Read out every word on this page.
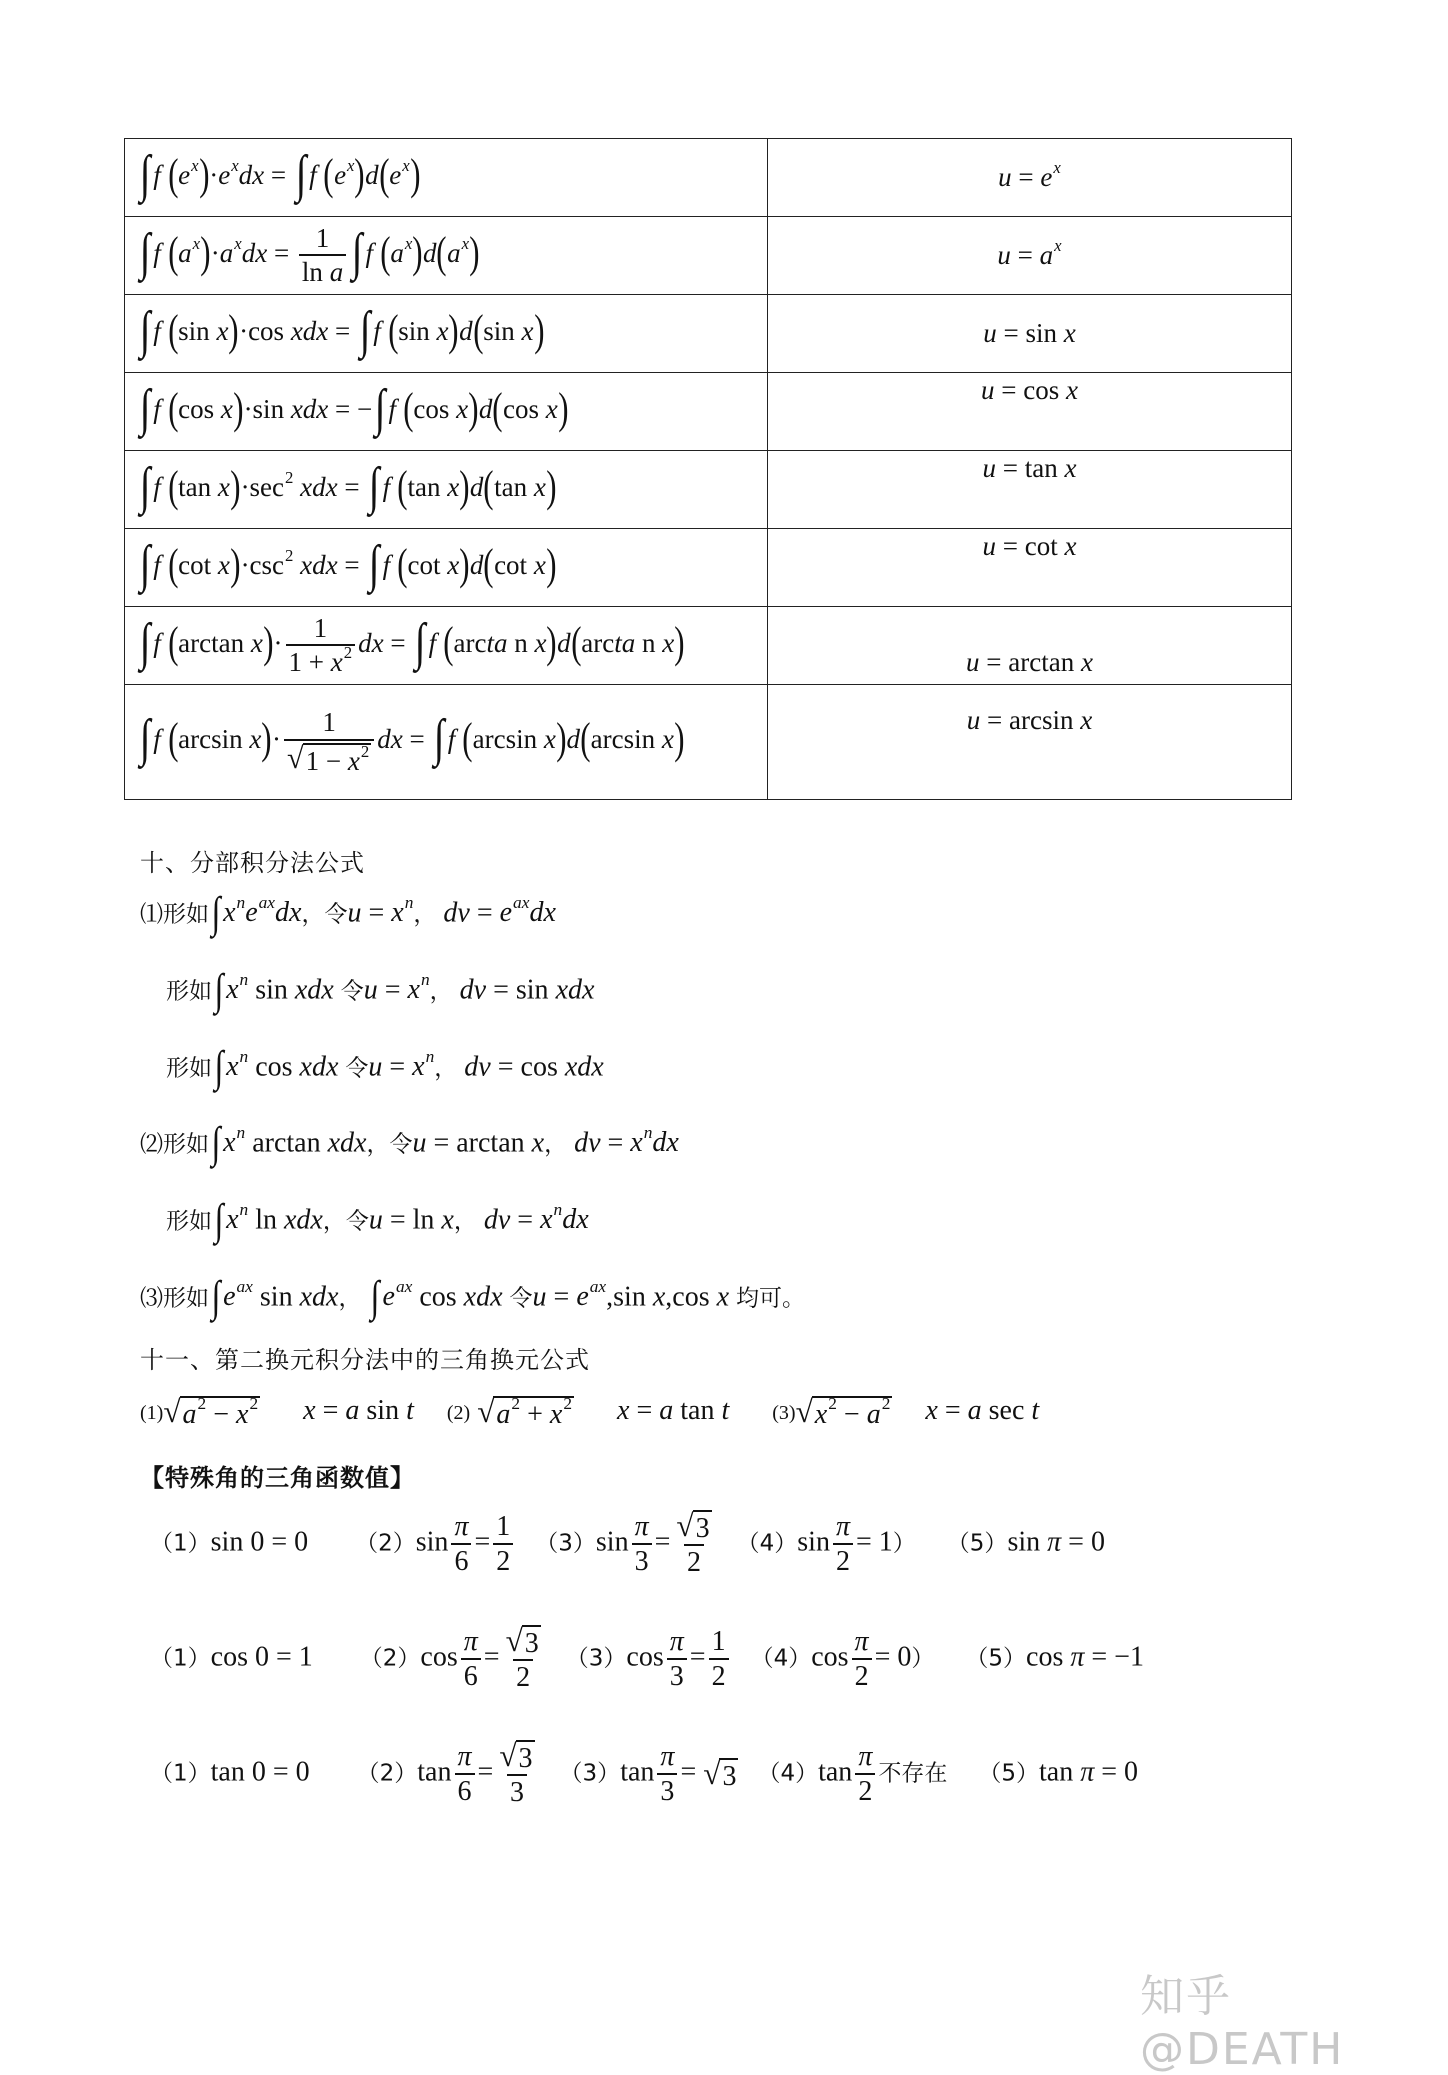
∫ f $(e^x)\cdot e^xdx$ = ∫ f $(e^x)d(e^x)$	$u = e^x$

∫ f $(a^x)\cdot a^xdx = \frac{1}{\text{ln a}}$ ∫ f $(a^x)d(a^x)$	$u = a^x$

∫ f (sin x)·cos xdx = ∫ f (sin x)d(sin x)	u = sin x

∫ f (cos x)·sin xdx = −∫ f (cos x)d(cos x)	u = cos x

∫ f (tan $x)\cdot\sec^2$ xdx = ∫ f (tan x)d(tan x)	u = tan x

∫ f (cot $x)\cdot\csc^2$ xdx = ∫ f (cot x)d(cot x)	u = cot x

∫ f (arctan $x)\cdot \frac{1}{1 + x^2}$ dx = ∫ f (arcta n x)d(arcta n x)	u = arctan x

∫ f (arcsin $x)\cdot \frac{1}{√ 1 - x^2}$ dx = ∫ f (arcsin x)d(arcsin x)	u = arcsin x
十、分部积分法公式
⑴形如$\int x^ne^{ax}dx$，令$u = x^n$， dv = $e^{ax}dx$
形如$\int x^n$ sin xdx 令$u = x^n$， dv = sin xdx
形如$\int x^n$ cos xdx 令$u = x^n$， dv = cos xdx
⑵形如$\int x^n$ arctan xdx，令u = arctan x， dv = $x^ndx$
形如$\int x^n$ ln xdx，令u = ln x， dv = $x^ndx$
⑶形如$\int e^{ax}$ sin xdx， $\int e^{ax}$ cos xdx 令$u = e^{ax},\sin$ x,cos x 均可。
十一、第二换元积分法中的三角换元公式
(1) √ $a^2 - x^2$ x = a sin t (2) √ $a^2 + x^2$ x = a tan t (3) √ $x^2 - a^2$ x = a sec t
【特殊角的三角函数值】
（1）sin 0 = 0 $(2)\sin \frac{\pi}{6} = \frac{1}{2} (3)\sin \frac{\pi}{3} = \frac{√ 3}{2} (4)\sin \frac{\pi}{2} = 1$） （5）sin π = 0
（1）cos 0 = 1 $(2)\cos \frac{\pi}{6} = \frac{√ 3}{2} (3)\cos \frac{\pi}{3} = \frac{1}{2} (4)\cos \frac{\pi}{2} = 0$） （5）cos π = −1
（1）tan 0 = 0 $(2)\tan \frac{\pi}{6} = \frac{√ 3}{3} (3)\tan \frac{\pi}{3}$ = √ 3 $(4)\tan \frac{\pi}{2}$ 不存在 （5）tan π = 0
知乎 @DEATH
